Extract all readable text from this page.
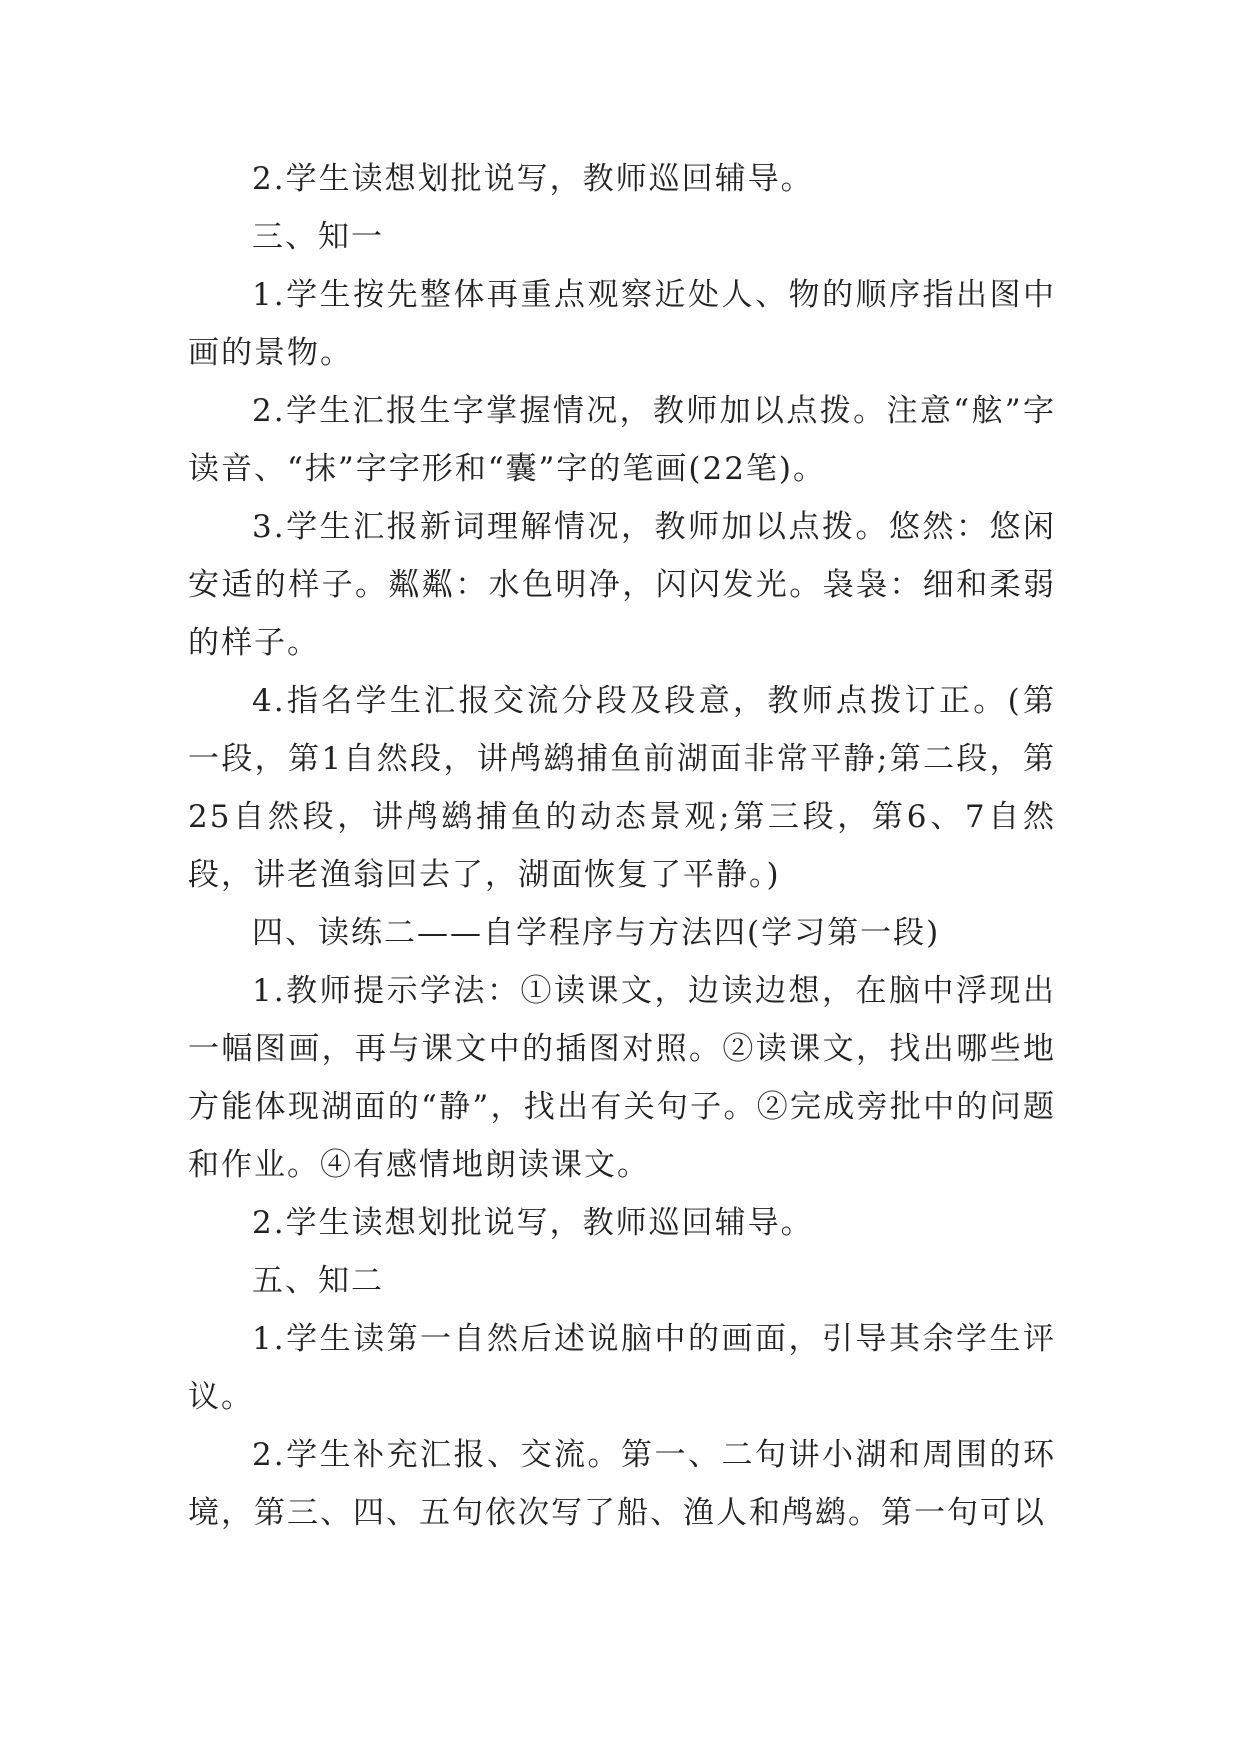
2.学生读想划批说写，教师巡回辅导。

三、知一

1.学生按先整体再重点观察近处人、物的顺序指出图中画的景物。

2.学生汇报生字掌握情况，教师加以点拨。注意“舷”字读音、“抹”字字形和“囊”字的笔画(22笔)。

3.学生汇报新词理解情况，教师加以点拨。悠然：悠闲安适的样子。粼粼：水色明净，闪闪发光。袅袅：细和柔弱的样子。

4.指名学生汇报交流分段及段意，教师点拨订正。(第一段，第1自然段，讲鸬鹚捕鱼前湖面非常平静;第二段，第25自然段，讲鸬鹚捕鱼的动态景观;第三段，第6、7自然段，讲老渔翁回去了，湖面恢复了平静。)

四、读练二——自学程序与方法四(学习第一段)

1.教师提示学法：①读课文，边读边想，在脑中浮现出一幅图画，再与课文中的插图对照。②读课文，找出哪些地方能体现湖面的“静”，找出有关句子。②完成旁批中的问题和作业。④有感情地朗读课文。

2.学生读想划批说写，教师巡回辅导。

五、知二

1.学生读第一自然后述说脑中的画面，引导其余学生评议。

2.学生补充汇报、交流。第一、二句讲小湖和周围的环境，第三、四、五句依次写了船、渔人和鸬鹚。第一句可以
